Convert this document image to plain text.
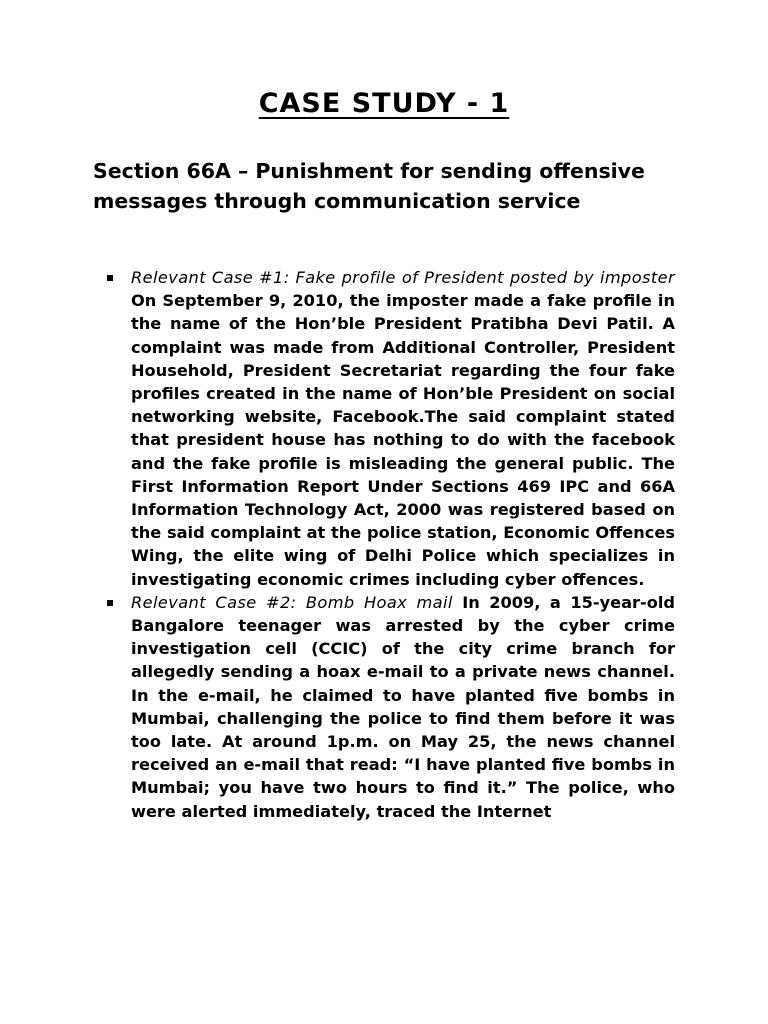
CASE STUDY - 1
Section 66A – Punishment for sending offensive messages through communication service
Relevant Case #1: Fake profile of President posted by imposter On September 9, 2010, the imposter made a fake profile in the name of the Hon’ble President Pratibha Devi Patil. A complaint was made from Additional Controller, President Household, President Secretariat regarding the four fake profiles created in the name of Hon’ble President on social networking website, Facebook.The said complaint stated that president house has nothing to do with the facebook and the fake profile is misleading the general public. The First Information Report Under Sections 469 IPC and 66A Information Technology Act, 2000 was registered based on the said complaint at the police station, Economic Offences Wing, the elite wing of Delhi Police which specializes in investigating economic crimes including cyber offences.
Relevant Case #2: Bomb Hoax mail In 2009, a 15-year-old Bangalore teenager was arrested by the cyber crime investigation cell (CCIC) of the city crime branch for allegedly sending a hoax e-mail to a private news channel. In the e-mail, he claimed to have planted five bombs in Mumbai, challenging the police to find them before it was too late. At around 1p.m. on May 25, the news channel received an e-mail that read: “I have planted five bombs in Mumbai; you have two hours to find it.” The police, who were alerted immediately, traced the Internet
